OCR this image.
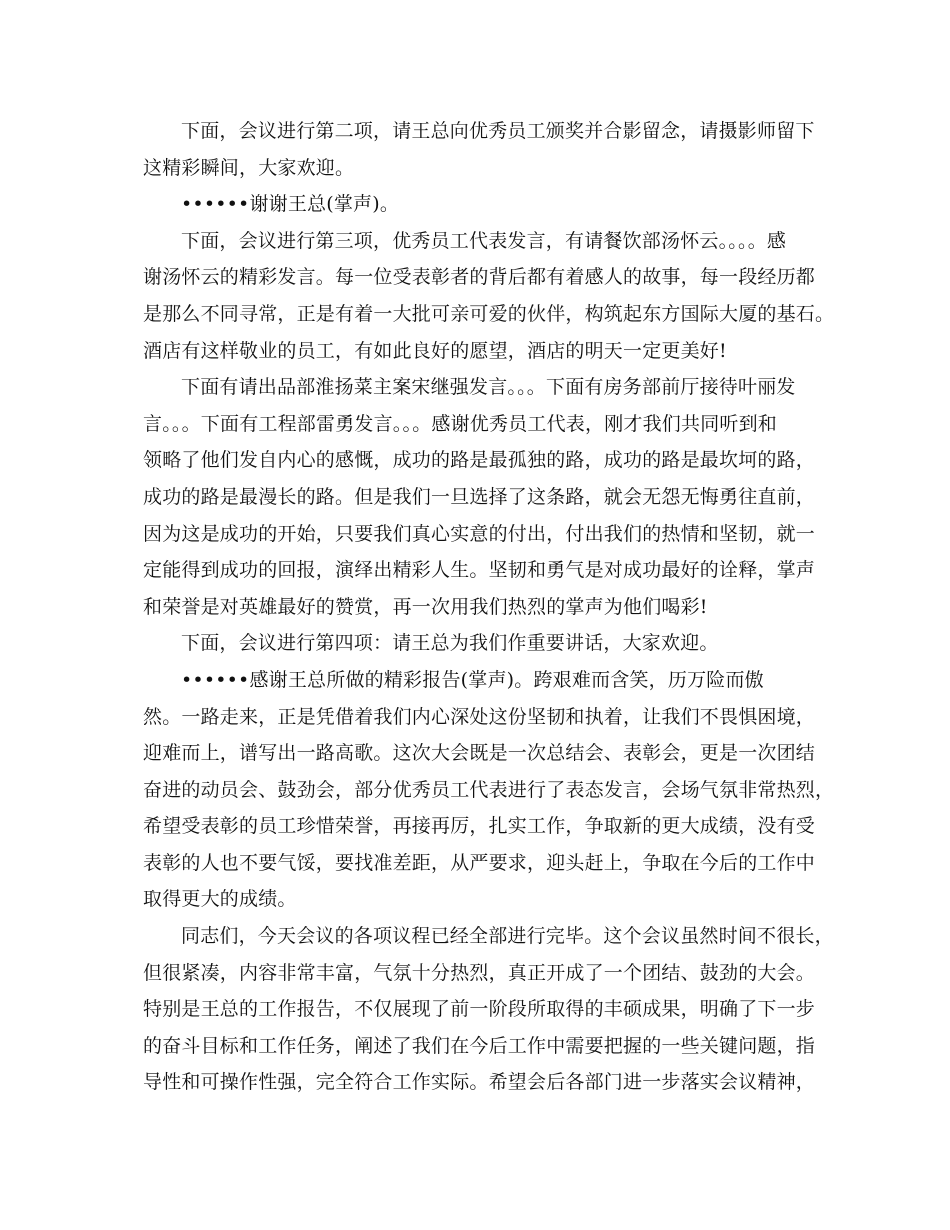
下面，会议进行第二项，请王总向优秀员工颁奖并合影留念，请摄影师留下
这精彩瞬间，大家欢迎。
••••••谢谢王总(掌声)。
下面，会议进行第三项，优秀员工代表发言，有请餐饮部汤怀云。。。。感
谢汤怀云的精彩发言。每一位受表彰者的背后都有着感人的故事，每一段经历都
是那么不同寻常，正是有着一大批可亲可爱的伙伴，构筑起东方国际大厦的基石。
酒店有这样敬业的员工，有如此良好的愿望，酒店的明天一定更美好!
下面有请出品部淮扬菜主案宋继强发言。。。下面有房务部前厅接待叶丽发
言。。。下面有工程部雷勇发言。。。感谢优秀员工代表，刚才我们共同听到和
领略了他们发自内心的感慨，成功的路是最孤独的路，成功的路是最坎坷的路，
成功的路是最漫长的路。但是我们一旦选择了这条路，就会无怨无悔勇往直前，
因为这是成功的开始，只要我们真心实意的付出，付出我们的热情和坚韧，就一
定能得到成功的回报，演绎出精彩人生。坚韧和勇气是对成功最好的诠释，掌声
和荣誉是对英雄最好的赞赏，再一次用我们热烈的掌声为他们喝彩!
下面，会议进行第四项：请王总为我们作重要讲话，大家欢迎。
••••••感谢王总所做的精彩报告(掌声)。跨艰难而含笑，历万险而傲
然。一路走来，正是凭借着我们内心深处这份坚韧和执着，让我们不畏惧困境，
迎难而上，谱写出一路高歌。这次大会既是一次总结会、表彰会，更是一次团结
奋进的动员会、鼓劲会，部分优秀员工代表进行了表态发言，会场气氛非常热烈，
希望受表彰的员工珍惜荣誉，再接再厉，扎实工作，争取新的更大成绩，没有受
表彰的人也不要气馁，要找准差距，从严要求，迎头赶上，争取在今后的工作中
取得更大的成绩。
同志们，今天会议的各项议程已经全部进行完毕。这个会议虽然时间不很长，
但很紧凑，内容非常丰富，气氛十分热烈，真正开成了一个团结、鼓劲的大会。
特别是王总的工作报告，不仅展现了前一阶段所取得的丰硕成果，明确了下一步
的奋斗目标和工作任务，阐述了我们在今后工作中需要把握的一些关键问题，指
导性和可操作性强，完全符合工作实际。希望会后各部门进一步落实会议精神，
